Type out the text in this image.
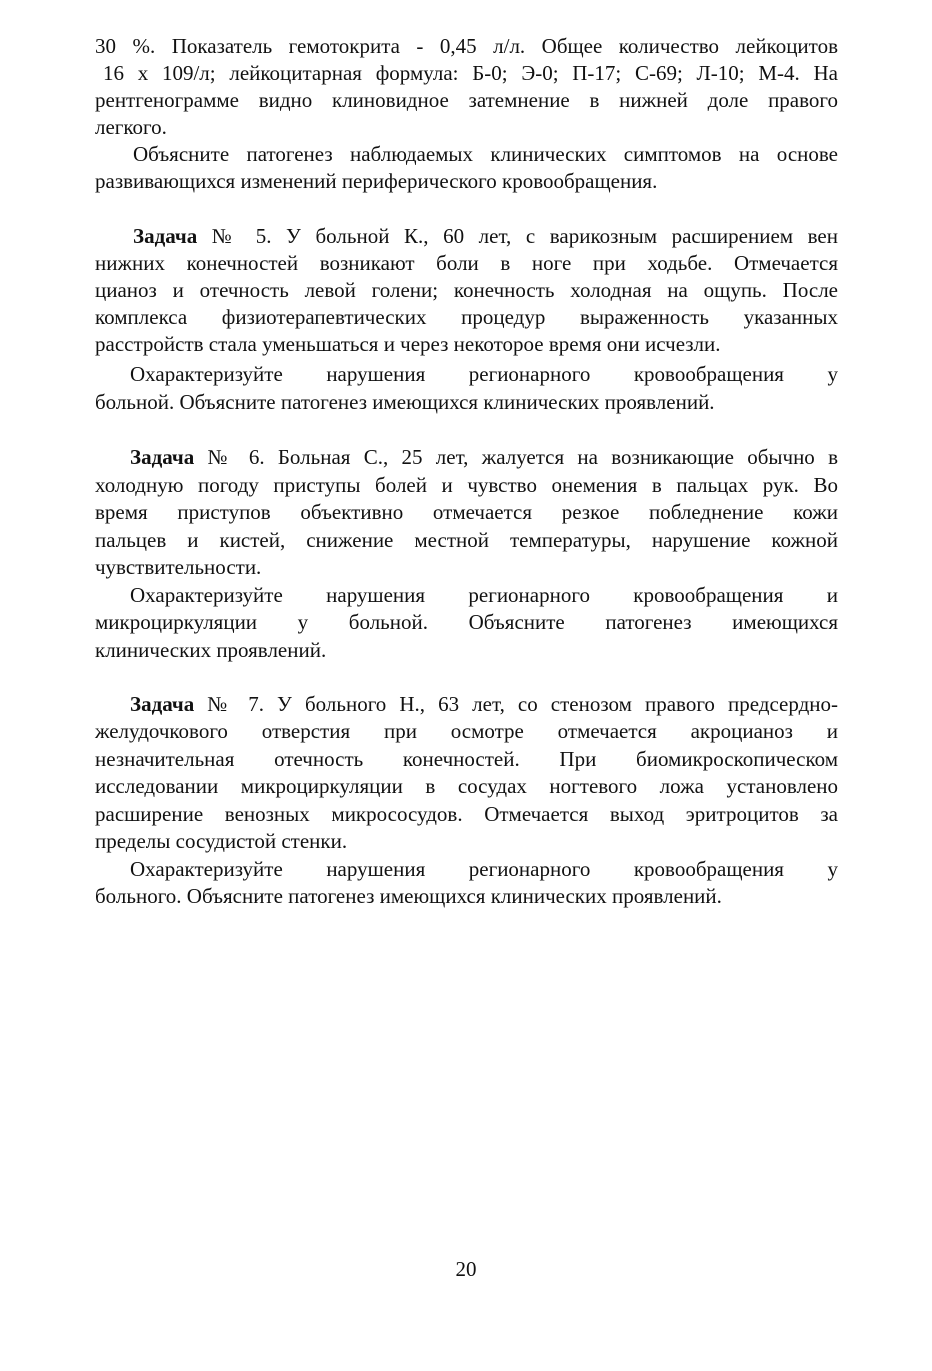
30 %. Показатель гемотокрита - 0,45 л/л. Общее количество лейкоцитов
16 х 109/л; лейкоцитарная формула: Б-0; Э-0; П-17; С-69; Л-10; М-4. На
рентгенограмме видно клиновидное затемнение в нижней доле правого
легкого.
Объясните патогенез наблюдаемых клинических симптомов на основе
развивающихся изменений периферического кровообращения.
Задача № 5. У больной К., 60 лет, с варикозным расширением вен
нижних конечностей возникают боли в ноге при ходьбе. Отмечается
цианоз и отечность левой голени; конечность холодная на ощупь. После
комплекса физиотерапевтических процедур выраженность указанных
расстройств стала уменьшаться и через некоторое время они исчезли.
Охарактеризуйте нарушения регионарного кровообращения у
больной. Объясните патогенез имеющихся клинических проявлений.
Задача № 6. Больная С., 25 лет, жалуется на возникающие обычно в
холодную погоду приступы болей и чувство онемения в пальцах рук. Во
время приступов объективно отмечается резкое побледнение кожи
пальцев и кистей, снижение местной температуры, нарушение кожной
чувствительности.
Охарактеризуйте нарушения регионарного кровообращения и
микроциркуляции у больной. Объясните патогенез имеющихся
клинических проявлений.
Задача № 7. У больного Н., 63 лет, со стенозом правого предсердно-
желудочкового отверстия при осмотре отмечается акроцианоз и
незначительная отечность конечностей. При биомикроскопическом
исследовании микроциркуляции в сосудах ногтевого ложа установлено
расширение венозных микрососудов. Отмечается выход эритроцитов за
пределы сосудистой стенки.
Охарактеризуйте нарушения регионарного кровообращения у
больного. Объясните патогенез имеющихся клинических проявлений.
20
